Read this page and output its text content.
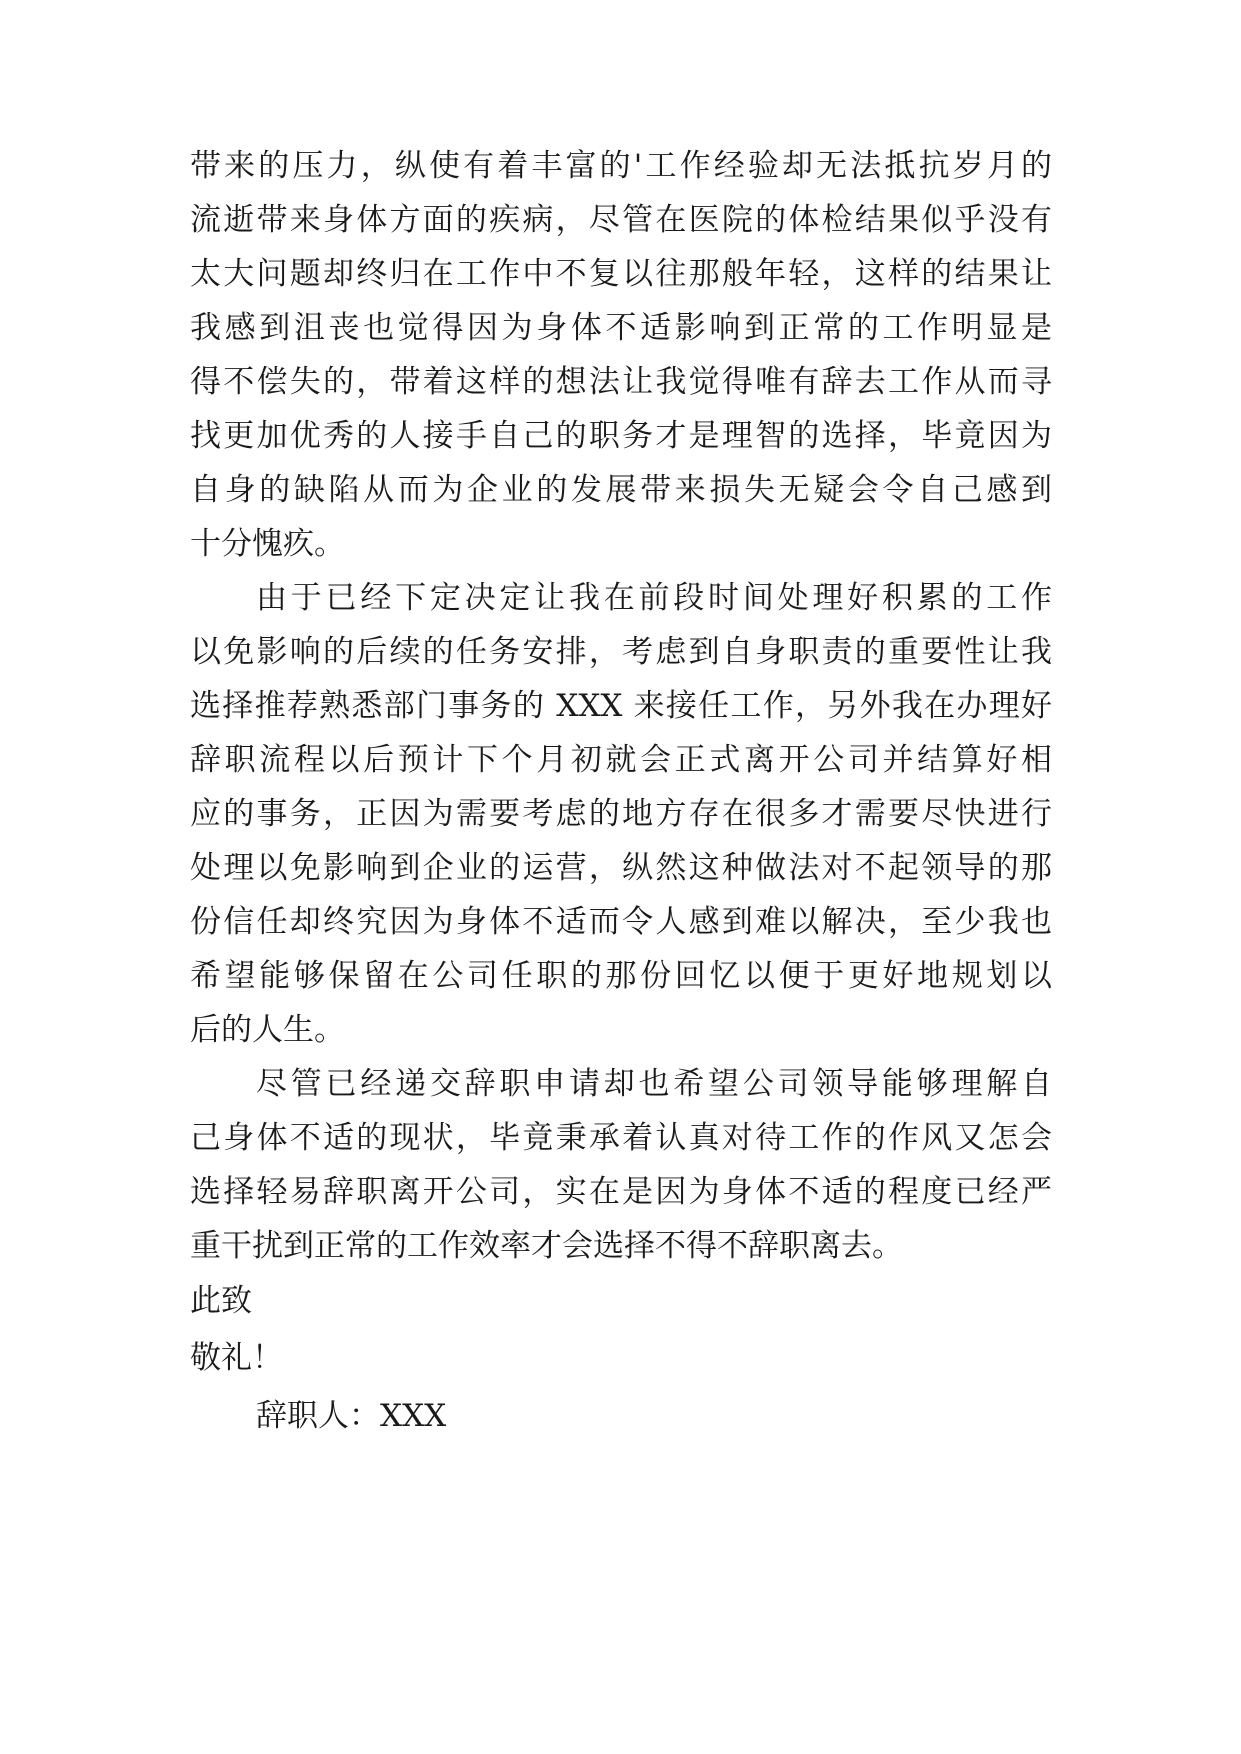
带来的压力，纵使有着丰富的'工作经验却无法抵抗岁月的
流逝带来身体方面的疾病，尽管在医院的体检结果似乎没有
太大问题却终归在工作中不复以往那般年轻，这样的结果让
我感到沮丧也觉得因为身体不适影响到正常的工作明显是
得不偿失的，带着这样的想法让我觉得唯有辞去工作从而寻
找更加优秀的人接手自己的职务才是理智的选择，毕竟因为
自身的缺陷从而为企业的发展带来损失无疑会令自己感到
十分愧疚。
由于已经下定决定让我在前段时间处理好积累的工作
以免影响的后续的任务安排，考虑到自身职责的重要性让我
选择推荐熟悉部门事务的 XXX 来接任工作，另外我在办理好
辞职流程以后预计下个月初就会正式离开公司并结算好相
应的事务，正因为需要考虑的地方存在很多才需要尽快进行
处理以免影响到企业的运营，纵然这种做法对不起领导的那
份信任却终究因为身体不适而令人感到难以解决，至少我也
希望能够保留在公司任职的那份回忆以便于更好地规划以
后的人生。
尽管已经递交辞职申请却也希望公司领导能够理解自
己身体不适的现状，毕竟秉承着认真对待工作的作风又怎会
选择轻易辞职离开公司，实在是因为身体不适的程度已经严
重干扰到正常的工作效率才会选择不得不辞职离去。
此致
敬礼！
辞职人：XXX
